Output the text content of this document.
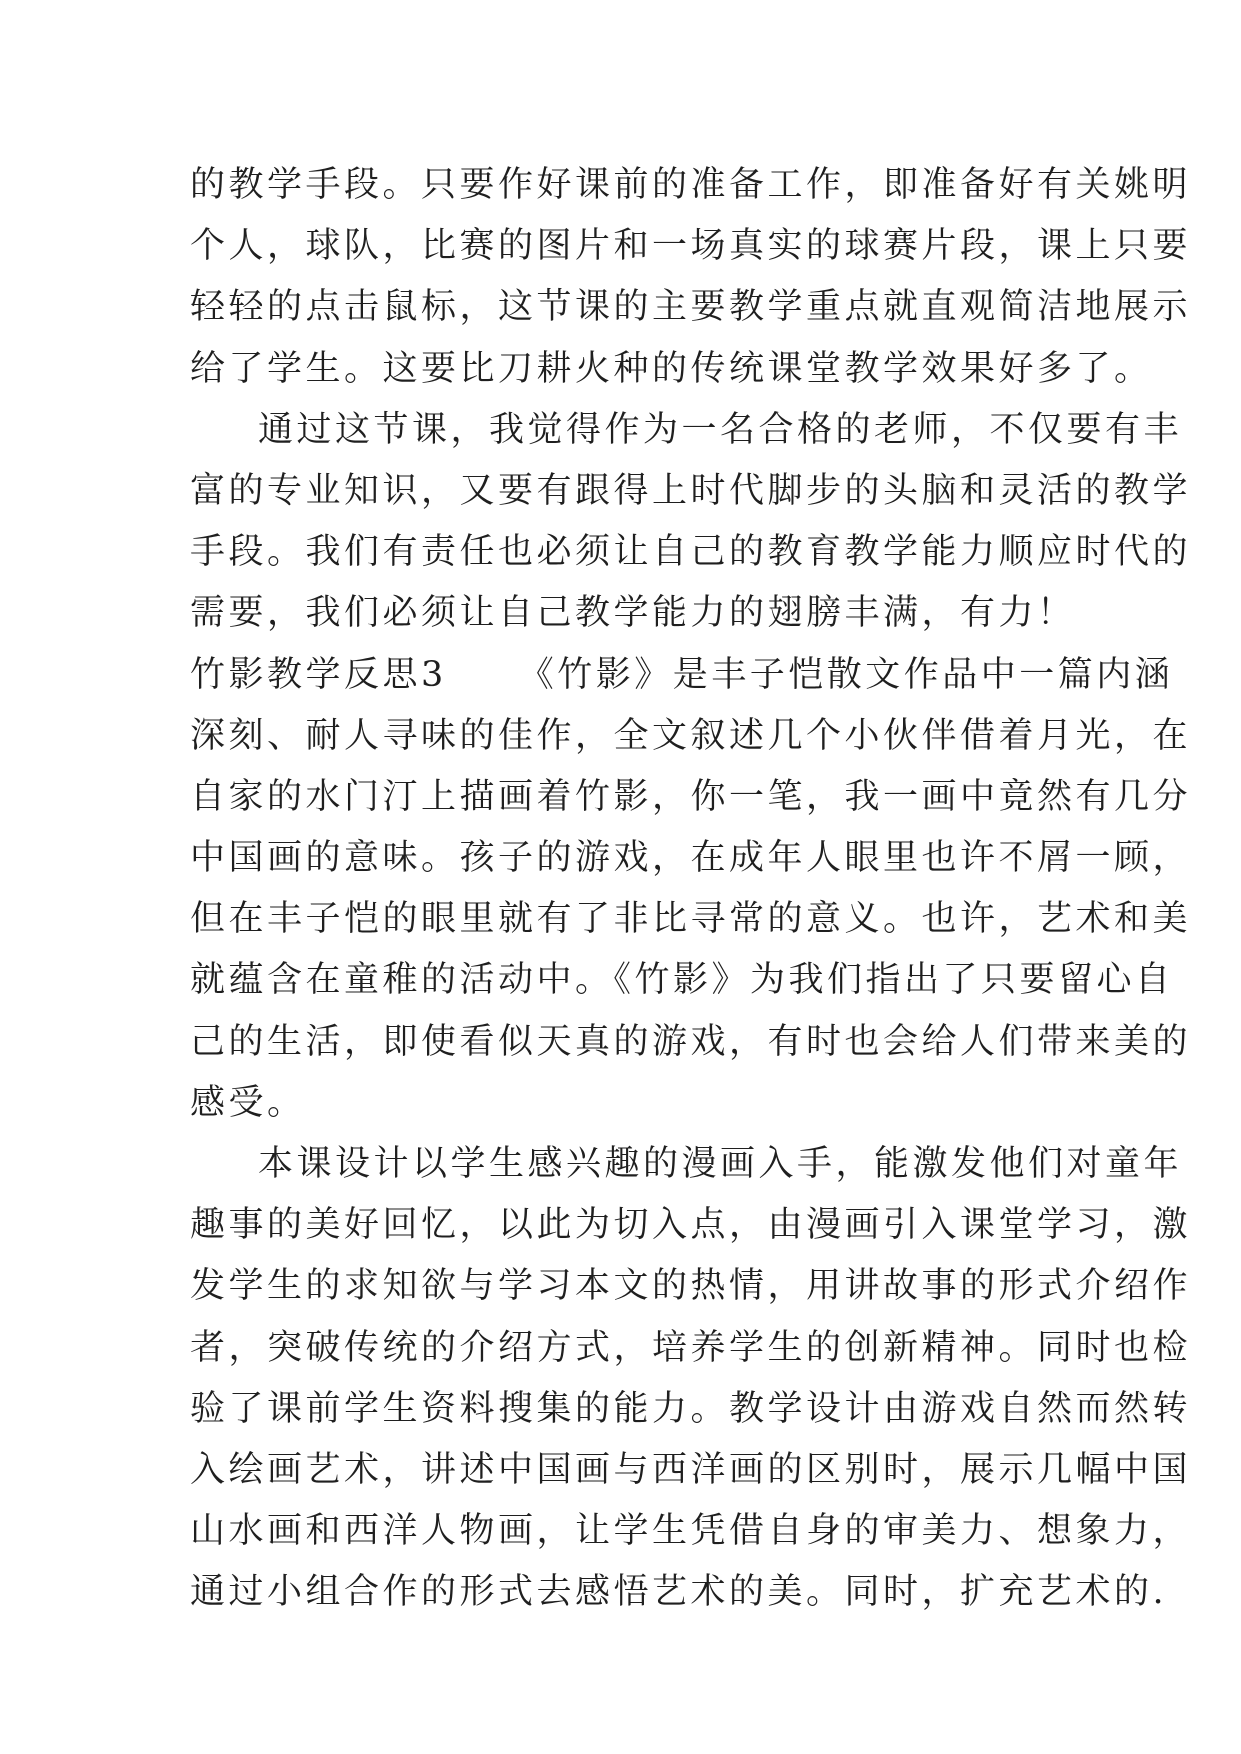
的教学手段。只要作好课前的准备工作，即准备好有关姚明
个人，球队，比赛的图片和一场真实的球赛片段，课上只要
轻轻的点击鼠标，这节课的主要教学重点就直观简洁地展示
给了学生。这要比刀耕火种的传统课堂教学效果好多了。
通过这节课，我觉得作为一名合格的老师，不仅要有丰
富的专业知识，又要有跟得上时代脚步的头脑和灵活的教学
手段。我们有责任也必须让自己的教育教学能力顺应时代的
需要，我们必须让自己教学能力的翅膀丰满，有力！
竹影教学反思3 《竹影》是丰子恺散文作品中一篇内涵
深刻、耐人寻味的佳作，全文叙述几个小伙伴借着月光，在
自家的水门汀上描画着竹影，你一笔，我一画中竟然有几分
中国画的意味。孩子的游戏，在成年人眼里也许不屑一顾，
但在丰子恺的眼里就有了非比寻常的意义。也许，艺术和美
就蕴含在童稚的活动中。《竹影》为我们指出了只要留心自
己的生活，即使看似天真的游戏，有时也会给人们带来美的
感受。
本课设计以学生感兴趣的漫画入手，能激发他们对童年
趣事的美好回忆，以此为切入点，由漫画引入课堂学习，激
发学生的求知欲与学习本文的热情，用讲故事的形式介绍作
者，突破传统的介绍方式，培养学生的创新精神。同时也检
验了课前学生资料搜集的能力。教学设计由游戏自然而然转
入绘画艺术，讲述中国画与西洋画的区别时，展示几幅中国
山水画和西洋人物画，让学生凭借自身的审美力、想象力，
通过小组合作的形式去感悟艺术的美。同时，扩充艺术的.
